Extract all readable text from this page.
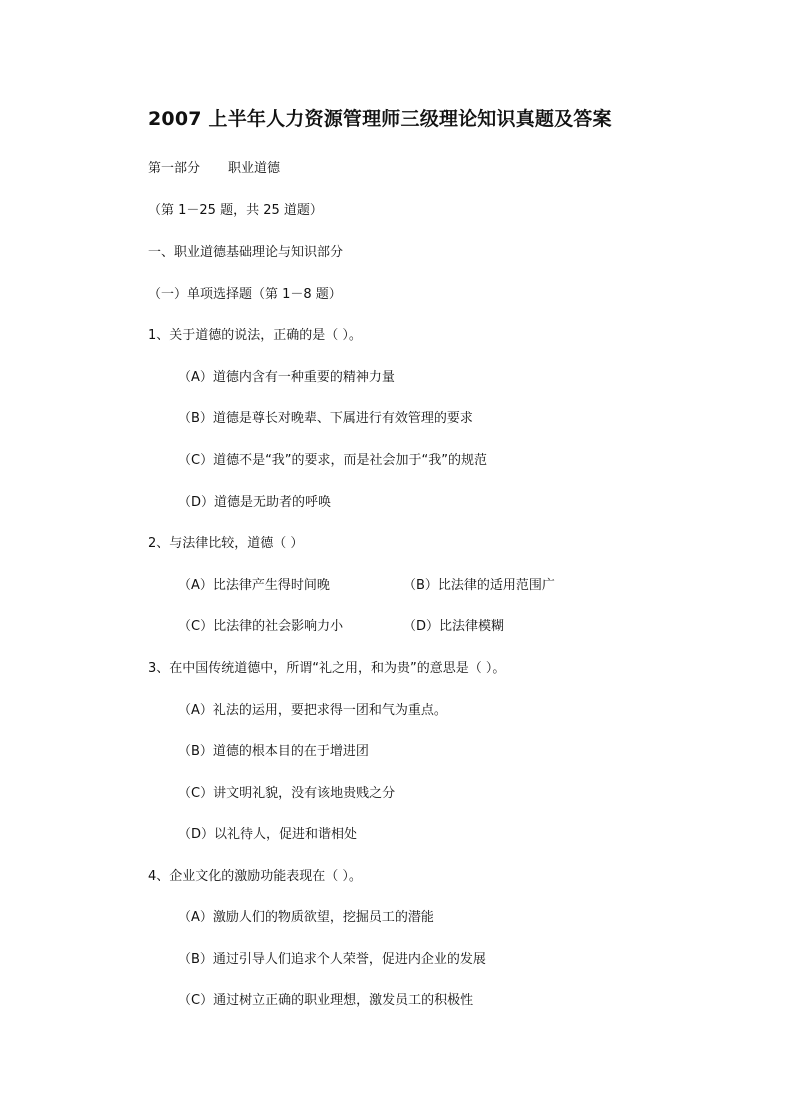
2007 上半年人力资源管理师三级理论知识真题及答案
第一部分 职业道德
（第 1－25 题，共 25 道题）
一、职业道德基础理论与知识部分
（一）单项选择题（第 1－8 题）
1、关于道德的说法，正确的是（ ）。
（A）道德内含有一种重要的精神力量
（B）道德是尊长对晚辈、下属进行有效管理的要求
（C）道德不是“我”的要求，而是社会加于“我”的规范
（D）道德是无助者的呼唤
2、与法律比较，道德（ ）
（A）比法律产生得时间晚	（B）比法律的适用范围广
（C）比法律的社会影响力小	（D）比法律模糊
3、在中国传统道德中，所谓“礼之用，和为贵”的意思是（ ）。
（A）礼法的运用，要把求得一团和气为重点。
（B）道德的根本目的在于增进团
（C）讲文明礼貌，没有该地贵贱之分
（D）以礼待人，促进和谐相处
4、企业文化的激励功能表现在（ ）。
（A）激励人们的物质欲望，挖掘员工的潜能
（B）通过引导人们追求个人荣誉，促进内企业的发展
（C）通过树立正确的职业理想，激发员工的积极性
